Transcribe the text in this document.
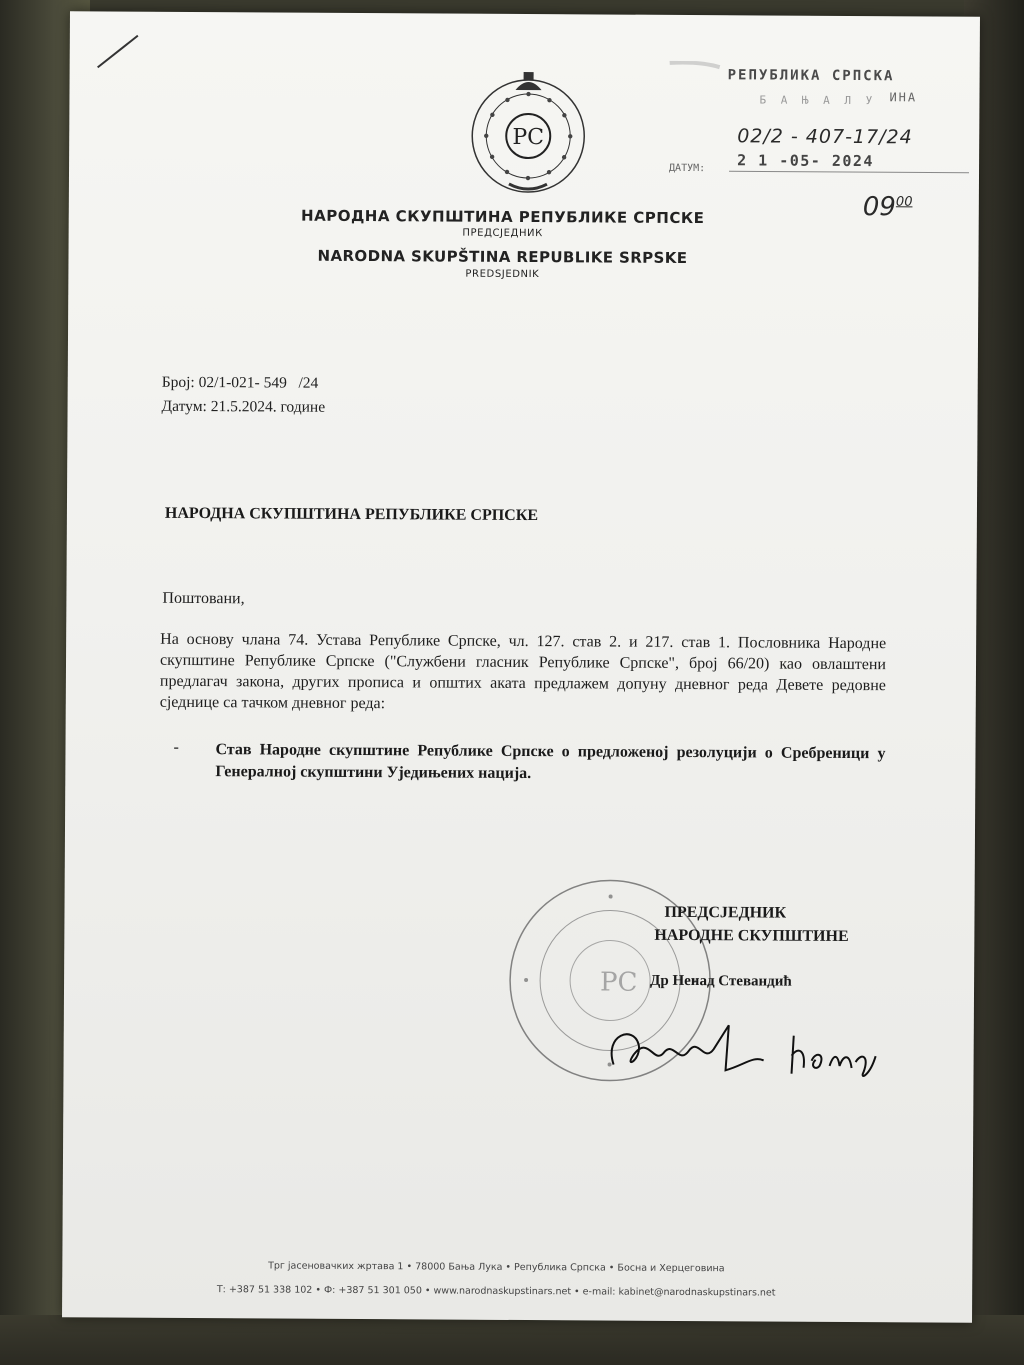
PC
НАРОДНА СКУПШТИНА РЕПУБЛИКЕ СРПСКЕ
ПРЕДСЈЕДНИК
NARODNA SKUPŠTINA REPUBLIKE SRPSKE
PREDSJEDNIK
РЕПУБЛИКА СРПСКА
Б А Њ А Л У ИНА
ДАТУМ: 2 1 -05- 2024
02/2 - 407-17/24
$09^{00}$
Број: 02/1-021- 549   /24
Датум: 21.5.2024. године
НАРОДНА СКУПШТИНА РЕПУБЛИКЕ СРПСКЕ
Поштовани,
На основу члана 74. Устава Републике Српске, чл. 127. став 2. и 217. став 1. Пословника Народне скупштине Републике Српске ("Службени гласник Републике Српске", број 66/20) као овлаштени предлагач закона, других прописа и општих аката предлажем допуну дневног реда Девете редовне сједнице са тачком дневног реда:
- Став Народне скупштине Републике Српске о предложеној резолуцији о Сребреници у Генералној скупштини Уједињених нација.
PC
ПРЕДСЈЕДНИК
НАРОДНЕ СКУПШТИНЕ
Др Ненад Стевандић
Трг јасеновачких жртава 1 • 78000 Бања Лука • Република Српска • Босна и Херцеговина
Т: +387 51 338 102 • Ф: +387 51 301 050 • www.narodnaskupstinars.net • e-mail: kabinet@narodnaskupstinars.net
